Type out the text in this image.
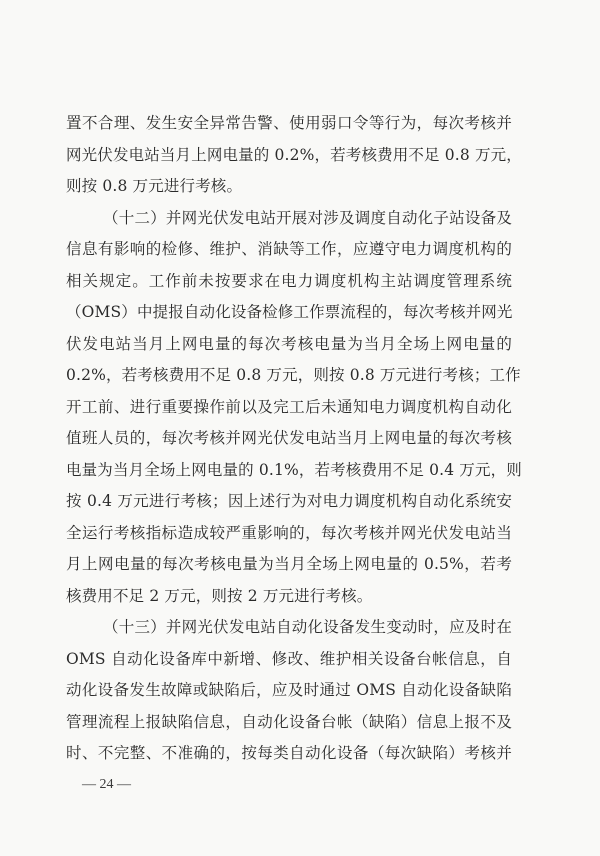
置不合理、发生安全异常告警、使用弱口令等行为，每次考核并
网光伏发电站当月上网电量的 0.2%，若考核费用不足 0.8 万元，
则按 0.8 万元进行考核。
（十二）并网光伏发电站开展对涉及调度自动化子站设备及
信息有影响的检修、维护、消缺等工作，应遵守电力调度机构的
相关规定。工作前未按要求在电力调度机构主站调度管理系统
（OMS）中提报自动化设备检修工作票流程的，每次考核并网光
伏发电站当月上网电量的每次考核电量为当月全场上网电量的
0.2%，若考核费用不足 0.8 万元，则按 0.8 万元进行考核；工作
开工前、进行重要操作前以及完工后未通知电力调度机构自动化
值班人员的，每次考核并网光伏发电站当月上网电量的每次考核
电量为当月全场上网电量的 0.1%，若考核费用不足 0.4 万元，则
按 0.4 万元进行考核；因上述行为对电力调度机构自动化系统安
全运行考核指标造成较严重影响的，每次考核并网光伏发电站当
月上网电量的每次考核电量为当月全场上网电量的 0.5%，若考
核费用不足 2 万元，则按 2 万元进行考核。
（十三）并网光伏发电站自动化设备发生变动时，应及时在
OMS 自动化设备库中新增、修改、维护相关设备台帐信息，自
动化设备发生故障或缺陷后，应及时通过 OMS 自动化设备缺陷
管理流程上报缺陷信息，自动化设备台帐（缺陷）信息上报不及
时、不完整、不准确的，按每类自动化设备（每次缺陷）考核并
— 24 —
